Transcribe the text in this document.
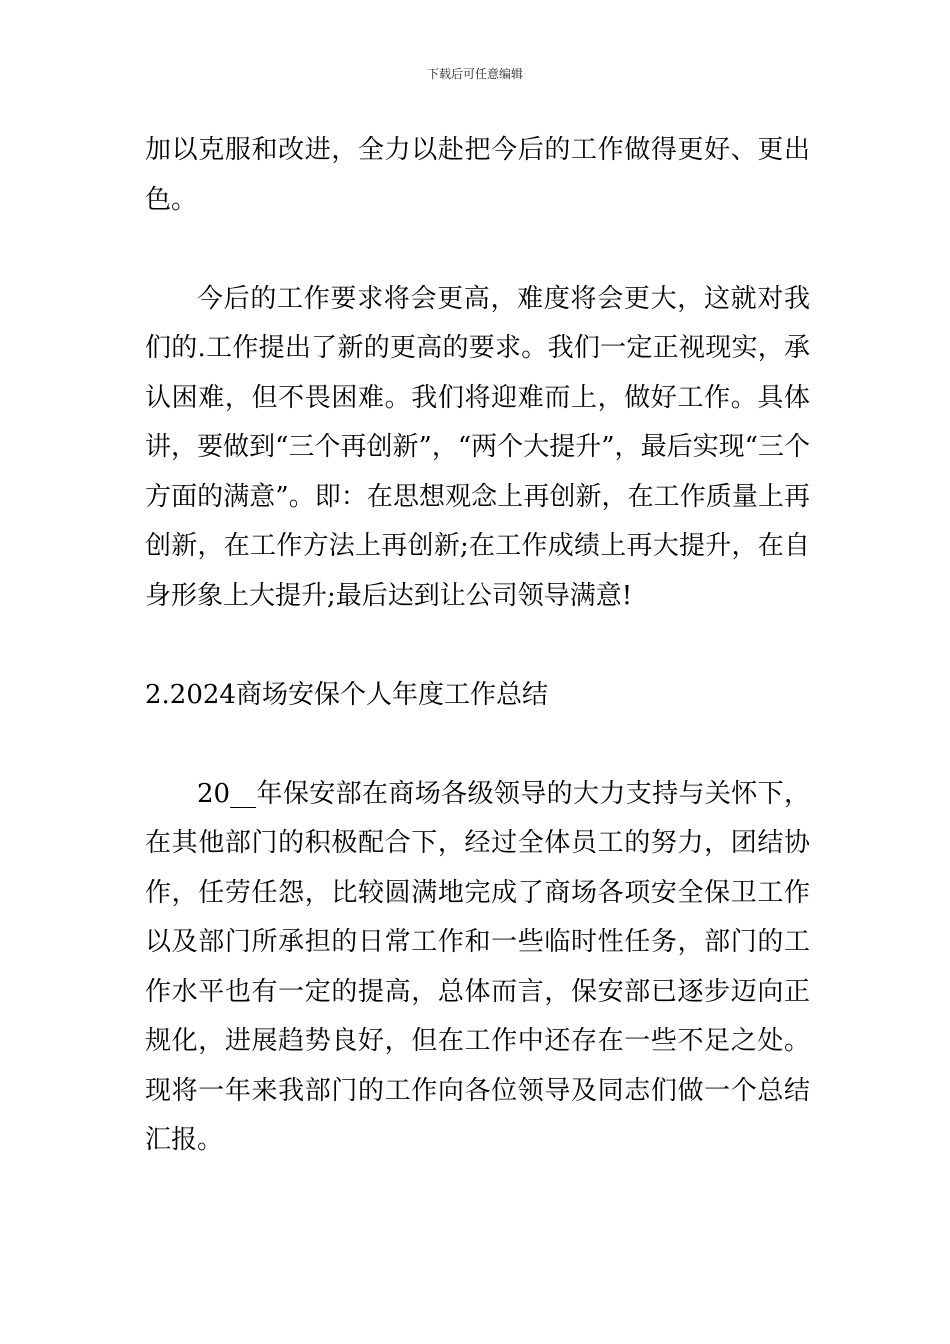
下载后可任意编辑

加以克服和改进，全力以赴把今后的工作做得更好、更出色。

今后的工作要求将会更高，难度将会更大，这就对我们的.工作提出了新的更高的要求。我们一定正视现实，承认困难，但不畏困难。我们将迎难而上，做好工作。具体讲，要做到“三个再创新”，“两个大提升”，最后实现“三个方面的满意”。即：在思想观念上再创新，在工作质量上再创新，在工作方法上再创新;在工作成绩上再大提升，在自身形象上大提升;最后达到让公司领导满意!

2.2024商场安保个人年度工作总结

20__年保安部在商场各级领导的大力支持与关怀下，在其他部门的积极配合下，经过全体员工的努力，团结协作，任劳任怨，比较圆满地完成了商场各项安全保卫工作以及部门所承担的日常工作和一些临时性任务，部门的工作水平也有一定的提高，总体而言，保安部已逐步迈向正规化，进展趋势良好，但在工作中还存在一些不足之处。现将一年来我部门的工作向各位领导及同志们做一个总结汇报。
